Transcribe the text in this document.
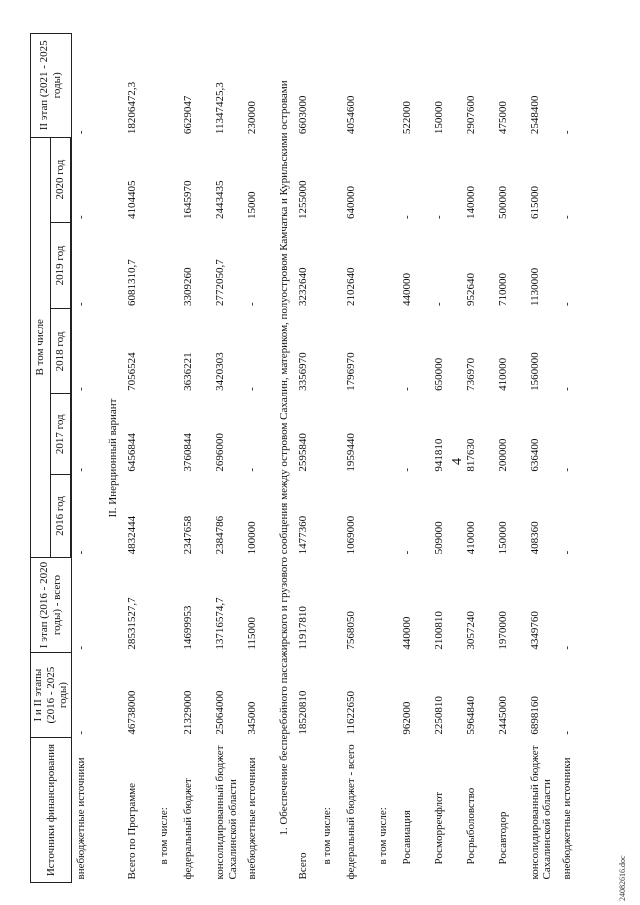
4
Источники финансирования	I и II этапы (2016 - 2025 годы)	I этап (2016 - 2020 годы) - всего	В том числе					II этап (2021 - 2025 годы)
			2016 год	2017 год	2018 год	2019 год	2020 год	
внебюджетные источники	-	-	-	-	-	-	-	-
II. Инерционный вариант								
Всего по Программе	46738000	28531527,7	4832444	6456844	7056524	6081310,7	4104405	18206472,3
в том числе:								
федеральный бюджет	21329000	14699953	2347658	3760844	3636221	3309260	1645970	6629047
консолидированный бюджет Сахалинской области	25064000	13716574,7	2384786	2696000	3420303	2772050,7	2443435	11347425,3
внебюджетные источники	345000	115000	100000	-	-	-	15000	230000
1. Обеспечение бесперебойного пассажирского и грузового сообщения между островом Сахалин, материком, полуостровом Камчатка и Курильскими островами								
Всего	18520810	11917810	1477360	2595840	3356970	3232640	1255000	6603000
в том числе:								
федеральный бюджет - всего	11622650	7568050	1069000	1959440	1796970	2102640	640000	4054600
в том числе:								
Росавиация	962000	440000	-	-	-	440000	-	522000
Росморречфлот	2250810	2100810	509000	941810	650000	-	-	150000
Росрыболовство	5964840	3057240	410000	817630	736970	952640	140000	2907600
Росавтодор	2445000	1970000	150000	200000	410000	710000	500000	475000
консолидированный бюджет Сахалинской области	6898160	4349760	408360	636400	1560000	1130000	615000	2548400
внебюджетные источники	-	-	-	-	-	-	-	-
24082616.doc
